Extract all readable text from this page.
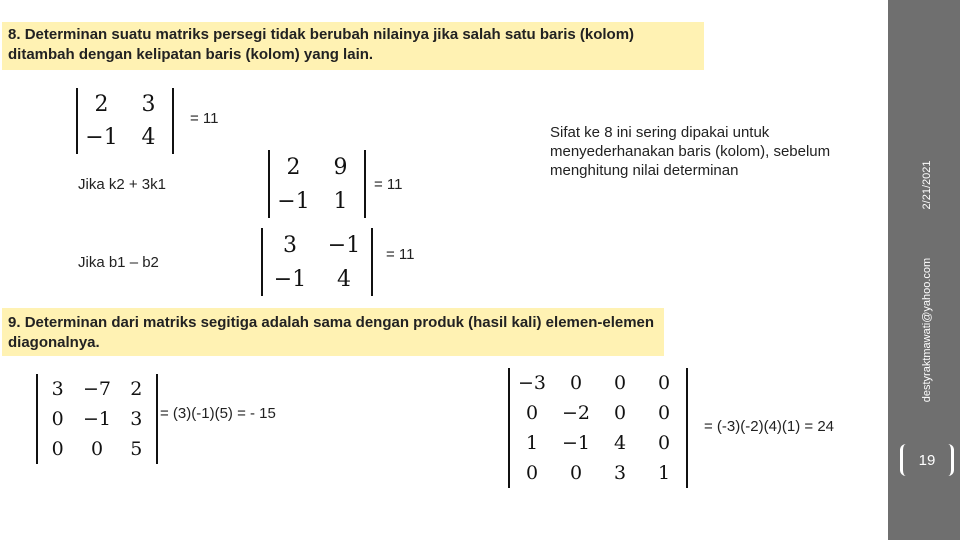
8. Determinan suatu matriks persegi tidak berubah nilainya jika salah satu baris (kolom) ditambah dengan kelipatan baris (kolom) yang lain.
2	3
−1	4
= 11
Jika k2 + 3k1
2	9
−1	1
= 11
Sifat ke 8 ini sering dipakai untuk menyederhanakan baris (kolom), sebelum menghitung nilai determinan
Jika b1 – b2
3	−1
−1	4
= 11
9. Determinan dari matriks segitiga adalah sama dengan produk (hasil kali) elemen-elemen diagonalnya.
3	−7	2
0	−1	3
0	0	5
= (3)(-1)(5) = - 15
−3	0	0	0
0	−2	0	0
1	−1	4	0
0	0	3	1
= (-3)(-2)(4)(1) = 24
2/21/2021
destyraktmawati@yahoo.com
19
